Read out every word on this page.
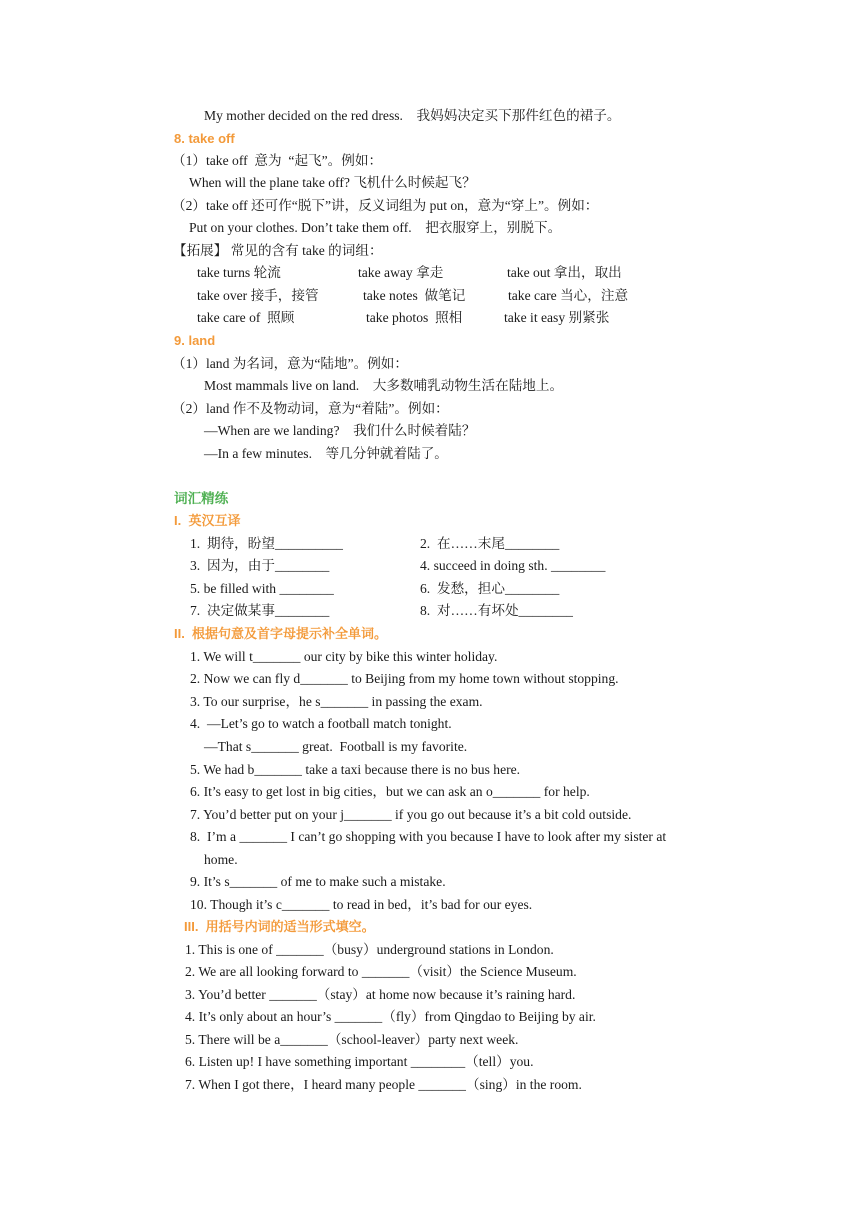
My mother decided on the red dress.　我妈妈决定买下那件红色的裙子。
8. take off
（1）take off  意为  “起飞”。例如：
When will the plane take off? 飞机什么时候起飞？
（2）take off 还可作“脱下”讲，反义词组为 put on，意为“穿上”。例如：
Put on your clothes. Don’t take them off.　把衣服穿上，别脱下。
【拓展】 常见的含有 take 的词组：
take turns 轮流	take away 拿走	take out 拿出，取出
take over 接手，接管	take notes  做笔记	take care 当心，注意
take care of  照顾	take photos  照相	take it easy 别紧张
9. land
（1）land 为名词，意为“陆地”。例如：
Most mammals live on land.　大多数哺乳动物生活在陆地上。
（2）land 作不及物动词，意为“着陆”。例如：
—When are we landing?　我们什么时候着陆？
—In a few minutes.　等几分钟就着陆了。
词汇精练
I.  英汉互译
1.  期待，盼望__________	2.  在……末尾________
3.  因为，由于________	4. succeed in doing sth. ________
5. be filled with ________	6.  发愁，担心________
7.  决定做某事________	8.  对……有坏处________
II.  根据句意及首字母提示补全单词。
1. We will t_______ our city by bike this winter holiday.
2. Now we can fly d_______ to Beijing from my home town without stopping.
3. To our surprise，he s_______ in passing the exam.
4.  —Let’s go to watch a football match tonight.
—That s_______ great.  Football is my favorite.
5. We had b_______ take a taxi because there is no bus here.
6. It’s easy to get lost in big cities，but we can ask an o_______ for help.
7. You’d better put on your j_______ if you go out because it’s a bit cold outside.
8.  I’m a _______ I can’t go shopping with you because I have to look after my sister at
home.
9. It’s s_______ of me to make such a mistake.
10. Though it’s c_______ to read in bed，it’s bad for our eyes.
III.  用括号内词的适当形式填空。
1. This is one of _______（busy）underground stations in London.
2. We are all looking forward to _______（visit）the Science Museum.
3. You’d better _______（stay）at home now because it’s raining hard.
4. It’s only about an hour’s _______（fly）from Qingdao to Beijing by air.
5. There will be a_______（school-leaver）party next week.
6. Listen up! I have something important ________（tell）you.
7. When I got there，I heard many people _______（sing）in the room.
